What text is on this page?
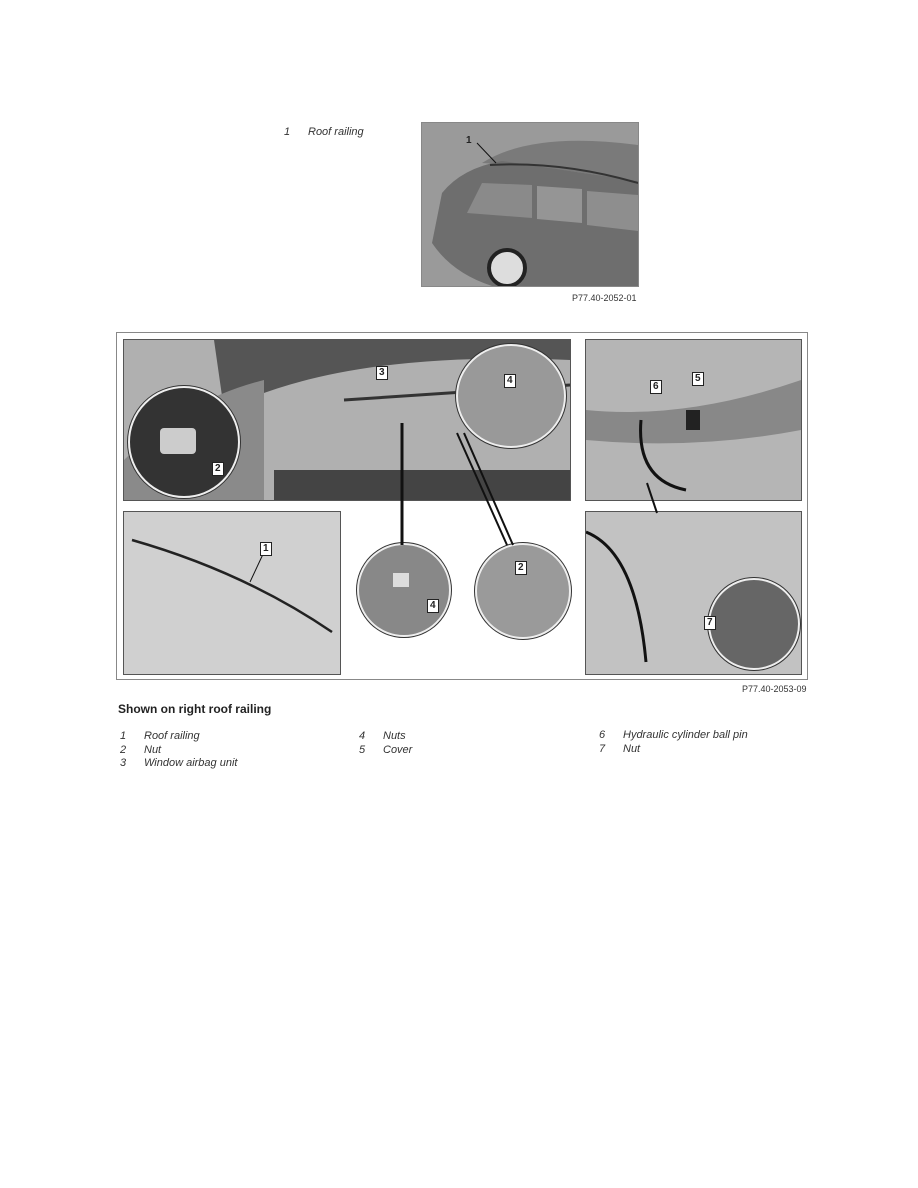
1 Roof railing
1
P77.40-2052-01
2
3
4
6
5
1
4
2
7
P77.40-2053-09
Shown on right roof railing
1 Roof railing
2 Nut
3 Window airbag unit
4 Nuts
5 Cover
6 Hydraulic cylinder ball pin
7 Nut
